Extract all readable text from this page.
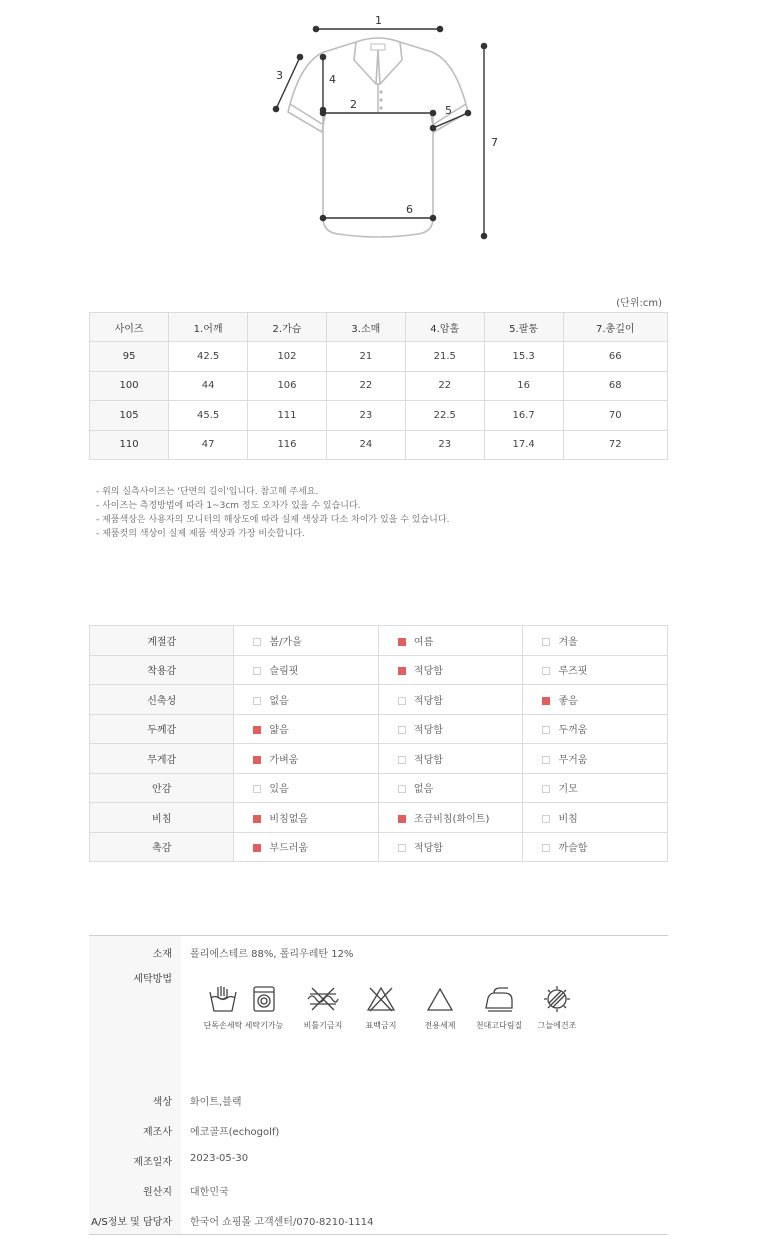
1
2
3	4
5
6
7
(단위:cm)
사이즈	1.어깨	2.가슴	3.소매	4.암홀	5.팔통	7.총길이
95	42.5	102	21	21.5	15.3	66
100	44	106	22	22	16	68
105	45.5	111	23	22.5	16.7	70
110	47	116	24	23	17.4	72
- 위의 실측사이즈는 '단면의 길이'입니다. 참고해 주세요.
- 사이즈는 측정방법에 따라 1~3cm 정도 오차가 있을 수 있습니다.
- 제품색상은 사용자의 모니터의 해상도에 따라 실제 색상과 다소 차이가 있을 수 있습니다.
- 제품컷의 색상이 실제 제품 색상과 가장 비슷합니다.
계절감	봄/가을	여름	겨울
착용감	슬림핏	적당함	루즈핏
신축성	없음	적당함	좋음
두께감	얇음	적당함	두꺼움
무게감	가벼움	적당함	무거움
안감	있음	없음	기모
비침	비침없음	조금비침(화이트)	비침
촉감	부드러움	적당함	까슬함
소재 폴리에스테르 88%, 폴리우레탄 12%
세탁방법
단독손세탁 세탁기가능	비틀기금지	표백금지	전용세제	천대고다림질	그늘에건조
색상 화이트,블랙
제조사 에코골프(echogolf)
제조일자 2023-05-30
원산지 대한민국
A/S정보 및 담당자 한국어 쇼핑몰 고객센터/070-8210-1114
